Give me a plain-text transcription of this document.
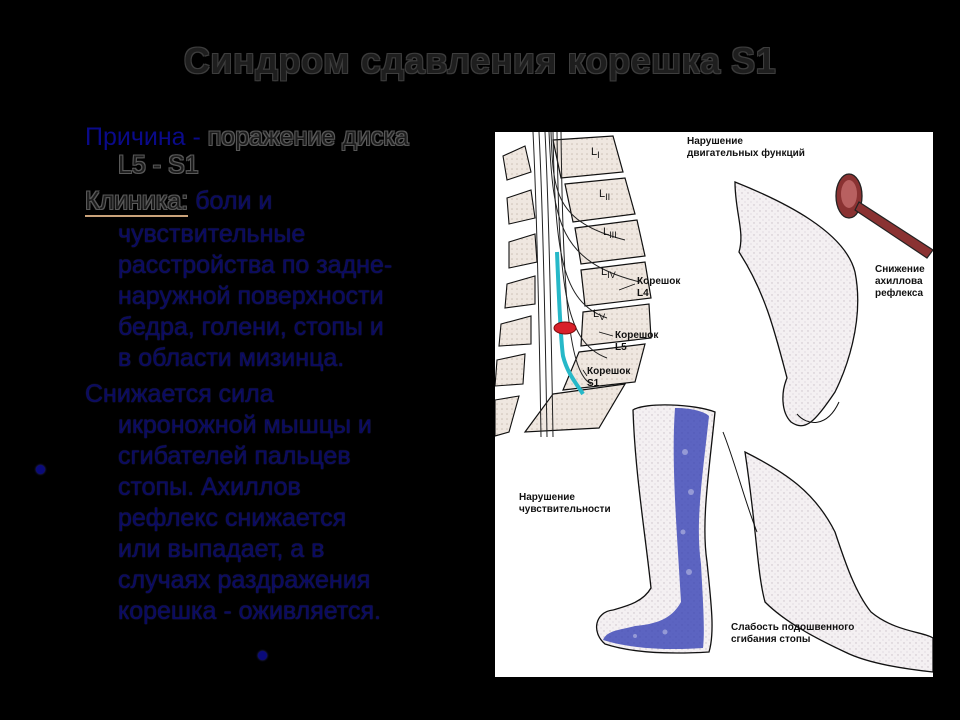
Синдром сдавления корешка S1
Причина - поражение диска
L5 - S1
Клиника: боли и
чувствительные
расстройства по задне-
наружной поверхности
бедра, голени, стопы и
в области мизинца.
Снижается сила
икроножной мышцы и
сгибателей пальцев
стопы. Ахиллов
рефлекс снижается
или выпадает, а в
случаях раздражения
корешка - оживляется.
$L_I$
$L_{II}$
$L_{III}$
$L_{IV}$
$L_V$
Нарушение
двигательных функций
Корешок
L4
Корешок
L5
Корешок
S1
Снижение
ахиллова
рефлекса
Нарушение
чувствительности
Слабость подошвенного
сгибания стопы
